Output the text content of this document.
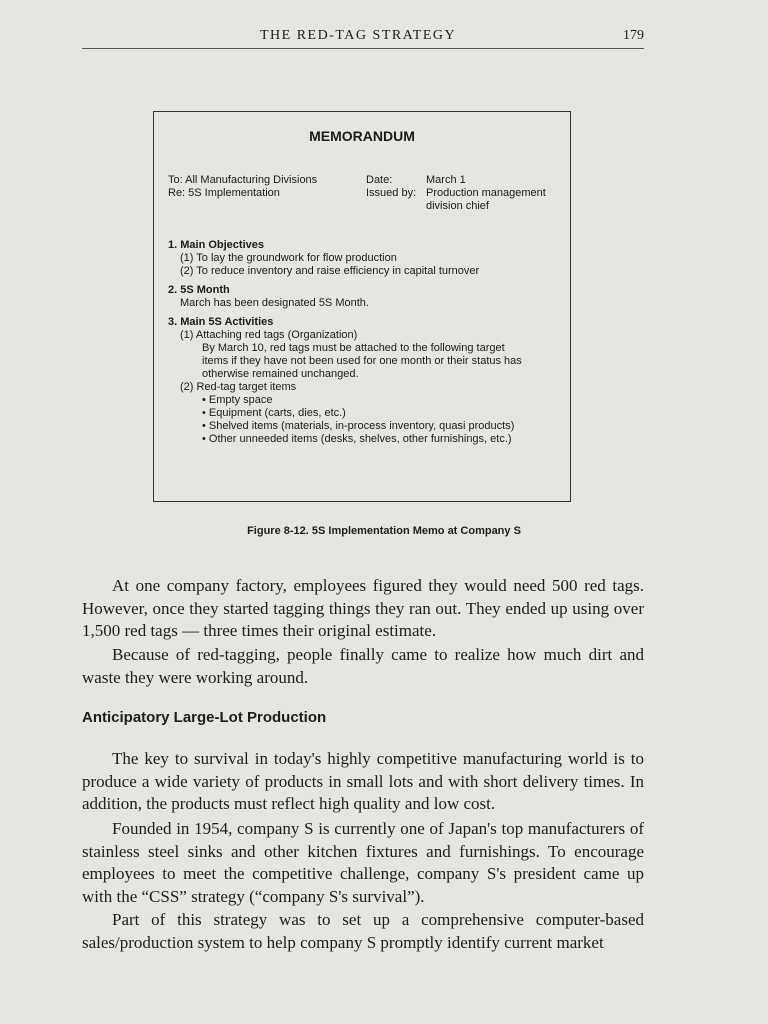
THE RED-TAG STRATEGY	179
MEMORANDUM
To: All Manufacturing Divisions
Re: 5S Implementation
Date:	March 1
Issued by: Production management
division chief
1. Main Objectives
(1) To lay the groundwork for flow production
(2) To reduce inventory and raise efficiency in capital turnover
2. 5S Month
March has been designated 5S Month.
3. Main 5S Activities
(1) Attaching red tags (Organization)
By March 10, red tags must be attached to the following target
items if they have not been used for one month or their status has
otherwise remained unchanged.
(2) Red-tag target items
• Empty space
• Equipment (carts, dies, etc.)
• Shelved items (materials, in-process inventory, quasi products)
• Other unneeded items (desks, shelves, other furnishings, etc.)
Figure 8-12. 5S Implementation Memo at Company S

At one company factory, employees figured they would need 500 red tags. However, once they started tagging things they ran out. They ended up using over 1,500 red tags — three times their original estimate.

Because of red-tagging, people finally came to realize how much dirt and waste they were working around.

Anticipatory Large-Lot Production

The key to survival in today's highly competitive manufacturing world is to produce a wide variety of products in small lots and with short delivery times. In addition, the products must reflect high quality and low cost.

Founded in 1954, company S is currently one of Japan's top manufacturers of stainless steel sinks and other kitchen fixtures and furnishings. To encourage employees to meet the competitive challenge, company S's president came up with the “CSS” strategy (“company S's survival”).

Part of this strategy was to set up a comprehensive computer-based sales/production system to help company S promptly identify current market
